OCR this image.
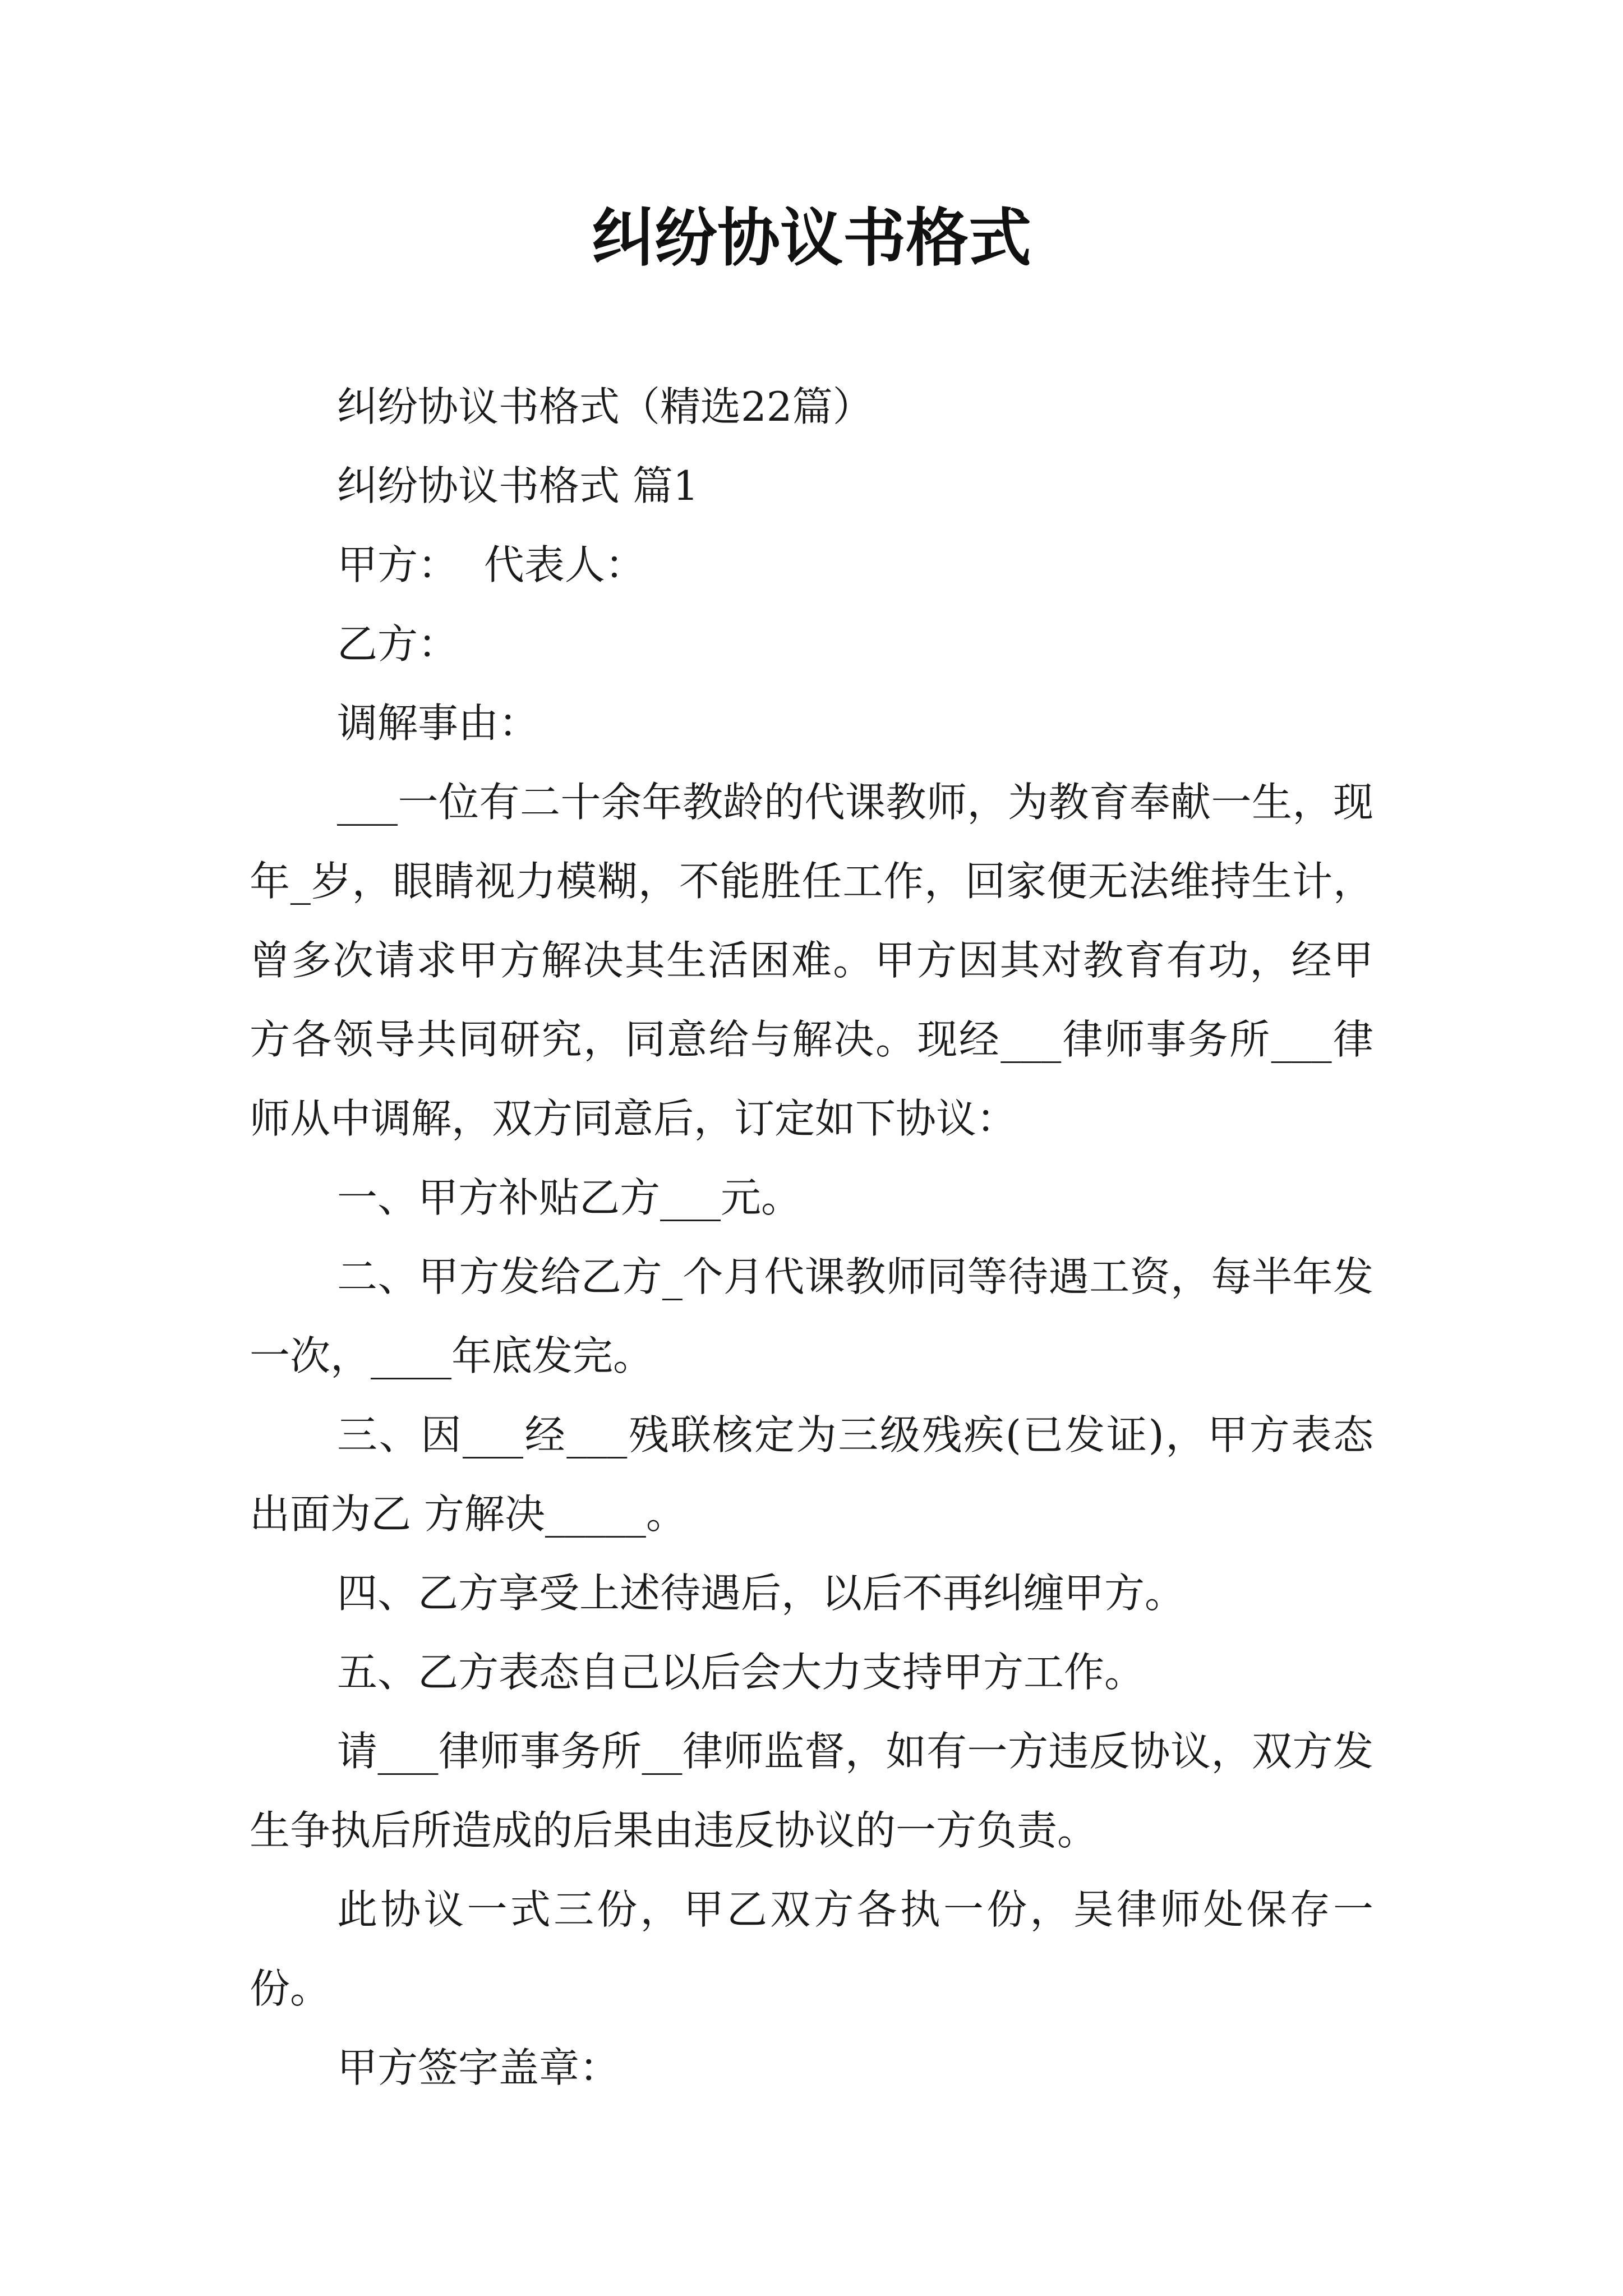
纠纷协议书格式

纠纷协议书格式（精选22篇）

纠纷协议书格式 篇1

甲方：  代表人：

乙方：

调解事由：

___一位有二十余年教龄的代课教师，为教育奉献一生，现年_岁，眼睛视力模糊，不能胜任工作，回家便无法维持生计，曾多次请求甲方解决其生活困难。甲方因其对教育有功，经甲方各领导共同研究，同意给与解决。现经___律师事务所___律师从中调解，双方同意后，订定如下协议：

一、甲方补贴乙方___元。

二、甲方发给乙方_个月代课教师同等待遇工资，每半年发一次，____年底发完。

三、因___经___残联核定为三级残疾(已发证)，甲方表态出面为乙 方解决_____。

四、乙方享受上述待遇后，以后不再纠缠甲方。

五、乙方表态自己以后会大力支持甲方工作。

请___律师事务所__律师监督，如有一方违反协议，双方发生争执后所造成的后果由违反协议的一方负责。

此协议一式三份，甲乙双方各执一份，吴律师处保存一份。

甲方签字盖章：
